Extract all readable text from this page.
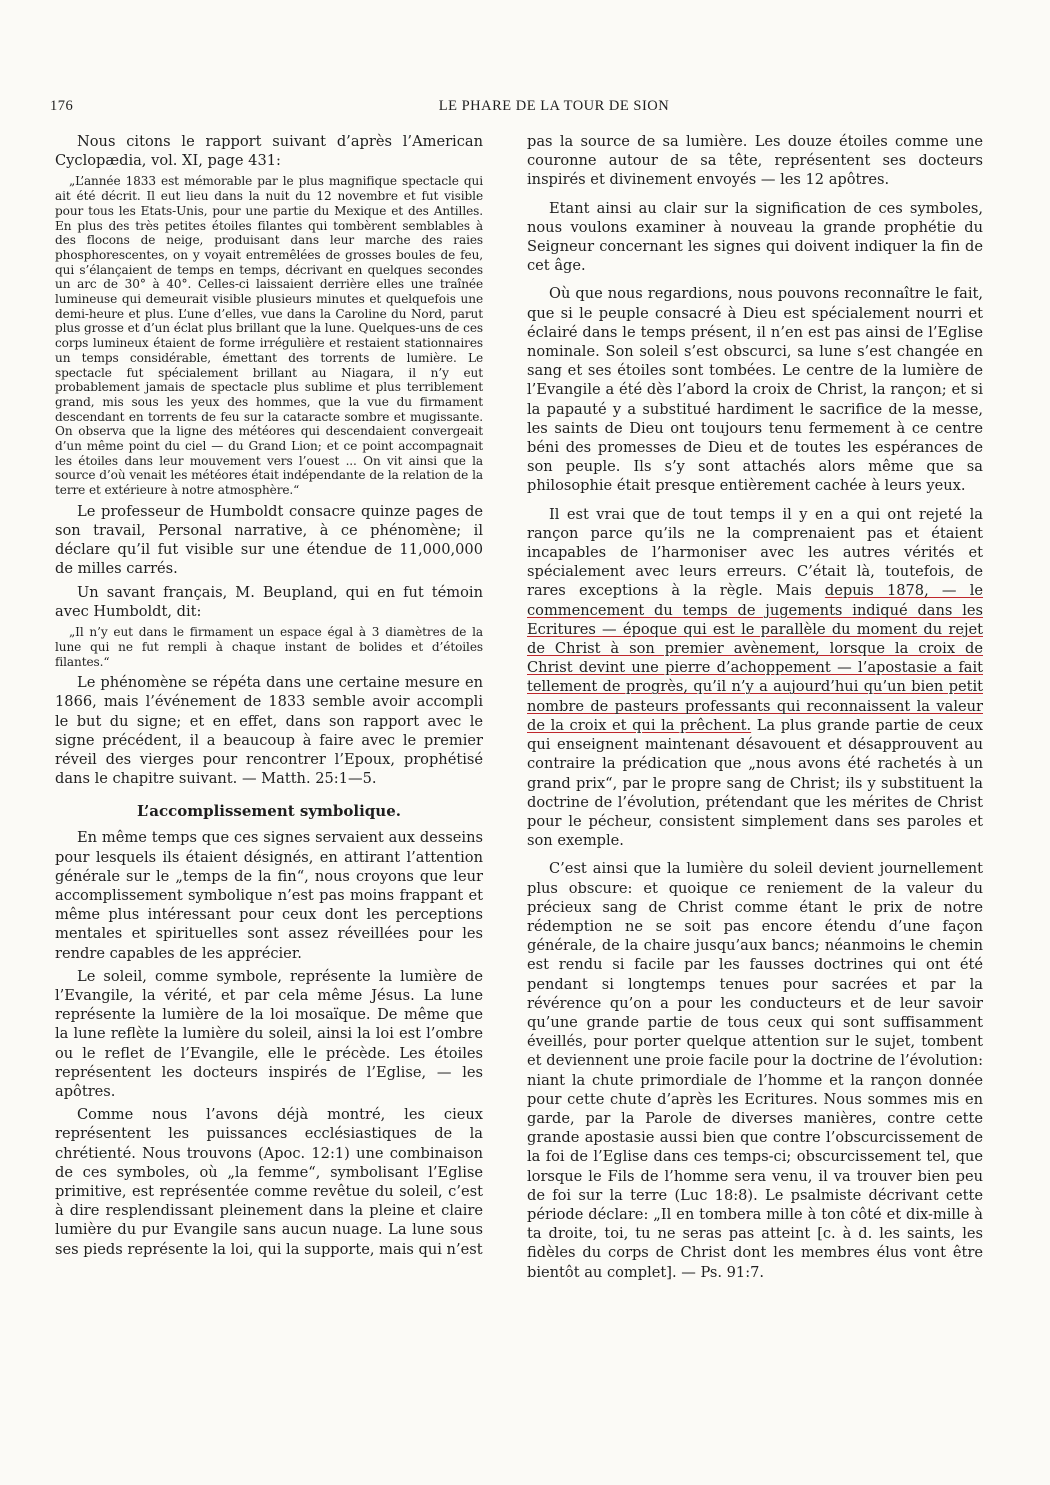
176	LE PHARE DE LA TOUR DE SION

Nous citons le rapport suivant d’après l’American Cyclopædia, vol. XI, page 431:

„L’année 1833 est mémorable par le plus magnifique spectacle qui ait été décrit. Il eut lieu dans la nuit du 12 novembre et fut visible pour tous les Etats-Unis, pour une partie du Mexique et des Antilles. En plus des très petites étoiles filantes qui tombèrent semblables à des flocons de neige, produisant dans leur marche des raies phosphorescentes, on y voyait entremêlées de grosses boules de feu, qui s’élançaient de temps en temps, décrivant en quelques secondes un arc de 30° à 40°. Celles-ci laissaient derrière elles une traînée lumineuse qui demeurait visible plusieurs minutes et quelquefois une demi-heure et plus. L’une d’elles, vue dans la Caroline du Nord, parut plus grosse et d’un éclat plus brillant que la lune. Quelques-uns de ces corps lumineux étaient de forme irrégulière et restaient stationnaires un temps considérable, émettant des torrents de lumière. Le spectacle fut spécialement brillant au Niagara, il n’y eut probablement jamais de spectacle plus sublime et plus terriblement grand, mis sous les yeux des hommes, que la vue du firmament descendant en torrents de feu sur la cataracte sombre et mugissante. On observa que la ligne des météores qui descendaient convergeait d’un même point du ciel — du Grand Lion; et ce point accompagnait les étoiles dans leur mouvement vers l’ouest ... On vit ainsi que la source d’où venait les météores était indépendante de la relation de la terre et extérieure à notre atmosphère.“

Le professeur de Humboldt consacre quinze pages de son travail, Personal narrative, à ce phénomène; il déclare qu’il fut visible sur une étendue de 11,000,000 de milles carrés.

Un savant français, M. Beupland, qui en fut témoin avec Humboldt, dit:

„Il n’y eut dans le firmament un espace égal à 3 diamètres de la lune qui ne fut rempli à chaque instant de bolides et d’étoiles filantes.“

Le phénomène se répéta dans une certaine mesure en 1866, mais l’événement de 1833 semble avoir accompli le but du signe; et en effet, dans son rapport avec le signe précédent, il a beaucoup à faire avec le premier réveil des vierges pour rencontrer l’Epoux, prophétisé dans le chapitre suivant. — Matth. 25:1—5.

L’accomplissement symbolique.

En même temps que ces signes servaient aux desseins pour lesquels ils étaient désignés, en attirant l’attention générale sur le „temps de la fin“, nous croyons que leur accomplissement symbolique n’est pas moins frappant et même plus intéressant pour ceux dont les perceptions mentales et spirituelles sont assez réveillées pour les rendre capables de les apprécier.

Le soleil, comme symbole, représente la lumière de l’Evangile, la vérité, et par cela même Jésus. La lune représente la lumière de la loi mosaïque. De même que la lune reflète la lumière du soleil, ainsi la loi est l’ombre ou le reflet de l’Evangile, elle le précède. Les étoiles représentent les docteurs inspirés de l’Eglise, — les apôtres.

Comme nous l’avons déjà montré, les cieux représentent les puissances ecclésiastiques de la chrétienté. Nous trouvons (Apoc. 12:1) une combinaison de ces symboles, où „la femme“, symbolisant l’Eglise primitive, est représentée comme revêtue du soleil, c’est à dire resplendissant pleinement dans la pleine et claire lumière du pur Evangile sans aucun nuage. La lune sous ses pieds représente la loi, qui la supporte, mais qui n’est

pas la source de sa lumière. Les douze étoiles comme une couronne autour de sa tête, représentent ses docteurs inspirés et divinement envoyés — les 12 apôtres.

Etant ainsi au clair sur la signification de ces symboles, nous voulons examiner à nouveau la grande prophétie du Seigneur concernant les signes qui doivent indiquer la fin de cet âge.

Où que nous regardions, nous pouvons reconnaître le fait, que si le peuple consacré à Dieu est spécialement nourri et éclairé dans le temps présent, il n’en est pas ainsi de l’Eglise nominale. Son soleil s’est obscurci, sa lune s’est changée en sang et ses étoiles sont tombées. Le centre de la lumière de l’Evangile a été dès l’abord la croix de Christ, la rançon; et si la papauté y a substitué hardiment le sacrifice de la messe, les saints de Dieu ont toujours tenu fermement à ce centre béni des promesses de Dieu et de toutes les espérances de son peuple. Ils s’y sont attachés alors même que sa philosophie était presque entièrement cachée à leurs yeux.

Il est vrai que de tout temps il y en a qui ont rejeté la rançon parce qu’ils ne la comprenaient pas et étaient incapables de l’harmoniser avec les autres vérités et spécialement avec leurs erreurs. C’était là, toutefois, de rares exceptions à la règle. Mais depuis 1878, — le commencement du temps de jugements indiqué dans les Ecritures — époque qui est le parallèle du moment du rejet de Christ à son premier avènement, lorsque la croix de Christ devint une pierre d’achoppement — l’apostasie a fait tellement de progrès, qu’il n’y a aujourd’hui qu’un bien petit nombre de pasteurs professants qui reconnaissent la valeur de la croix et qui la prêchent. La plus grande partie de ceux qui enseignent maintenant désavouent et désapprouvent au contraire la prédication que „nous avons été rachetés à un grand prix“, par le propre sang de Christ; ils y substituent la doctrine de l’évolution, prétendant que les mérites de Christ pour le pécheur, consistent simplement dans ses paroles et son exemple.

C’est ainsi que la lumière du soleil devient journellement plus obscure: et quoique ce reniement de la valeur du précieux sang de Christ comme étant le prix de notre rédemption ne se soit pas encore étendu d’une façon générale, de la chaire jusqu’aux bancs; néanmoins le chemin est rendu si facile par les fausses doctrines qui ont été pendant si longtemps tenues pour sacrées et par la révérence qu’on a pour les conducteurs et de leur savoir qu’une grande partie de tous ceux qui sont suffisamment éveillés, pour porter quelque attention sur le sujet, tombent et deviennent une proie facile pour la doctrine de l’évolution: niant la chute primordiale de l’homme et la rançon donnée pour cette chute d’après les Ecritures. Nous sommes mis en garde, par la Parole de diverses manières, contre cette grande apostasie aussi bien que contre l’obscurcissement de la foi de l’Eglise dans ces temps-ci; obscurcissement tel, que lorsque le Fils de l’homme sera venu, il va trouver bien peu de foi sur la terre (Luc 18:8). Le psalmiste décrivant cette période déclare: „Il en tombera mille à ton côté et dix-mille à ta droite, toi, tu ne seras pas atteint [c. à d. les saints, les fidèles du corps de Christ dont les membres élus vont être bientôt au complet]. — Ps. 91:7.
